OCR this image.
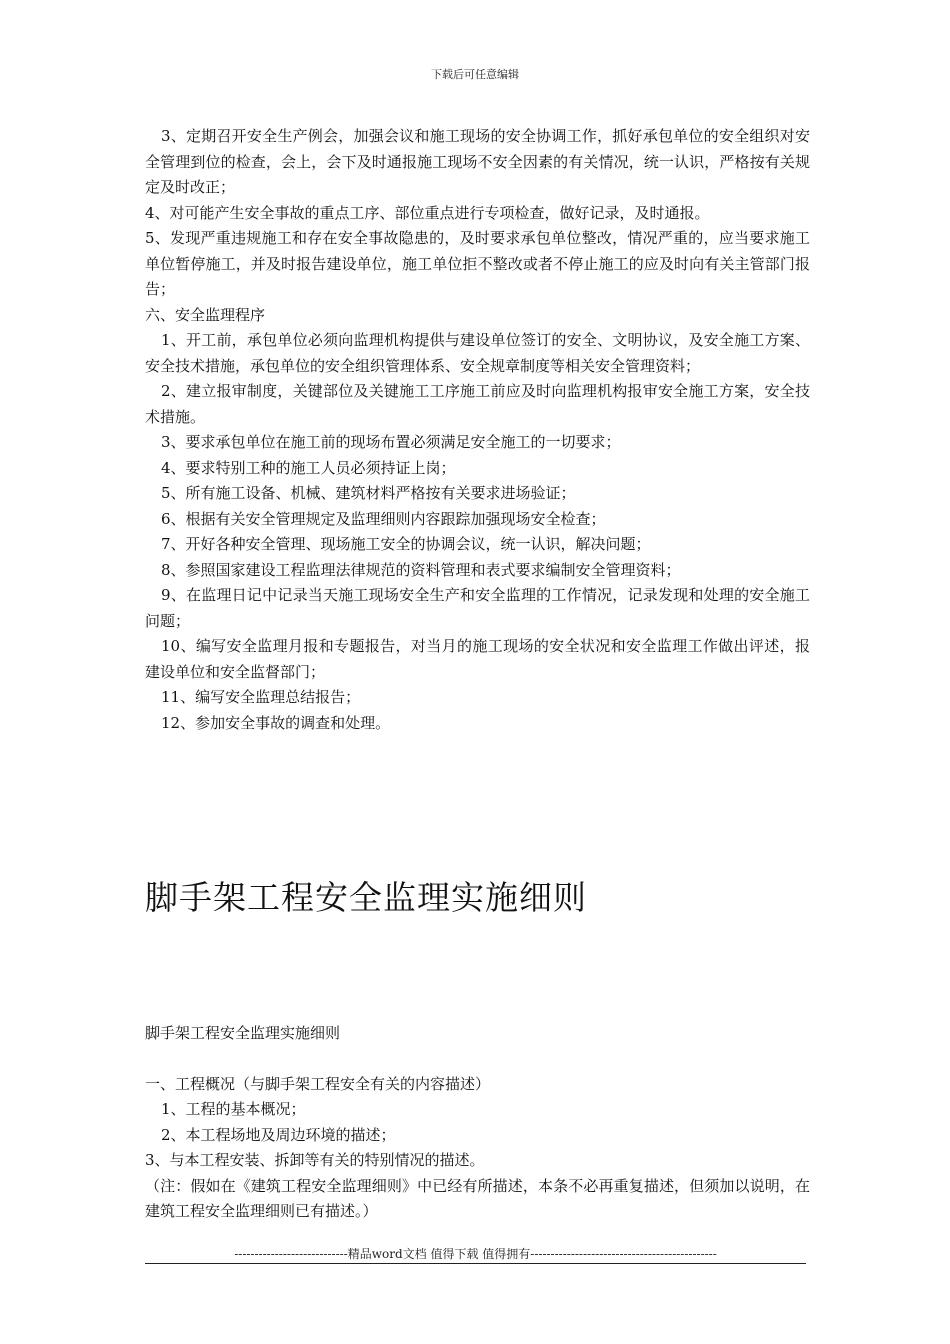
下载后可任意编辑

3、定期召开安全生产例会，加强会议和施工现场的安全协调工作，抓好承包单位的安全组织对安全管理到位的检查，会上，会下及时通报施工现场不安全因素的有关情况，统一认识，严格按有关规定及时改正；

4、对可能产生安全事故的重点工序、部位重点进行专项检查，做好记录，及时通报。

5、发现严重违规施工和存在安全事故隐患的，及时要求承包单位整改，情况严重的，应当要求施工单位暂停施工，并及时报告建设单位，施工单位拒不整改或者不停止施工的应及时向有关主管部门报告；

六、安全监理程序

1、开工前，承包单位必须向监理机构提供与建设单位签订的安全、文明协议，及安全施工方案、安全技术措施，承包单位的安全组织管理体系、安全规章制度等相关安全管理资料；

2、建立报审制度，关键部位及关键施工工序施工前应及时向监理机构报审安全施工方案，安全技术措施。

3、要求承包单位在施工前的现场布置必须满足安全施工的一切要求；

4、要求特别工种的施工人员必须持证上岗；

5、所有施工设备、机械、建筑材料严格按有关要求进场验证；

6、根据有关安全管理规定及监理细则内容跟踪加强现场安全检查；

7、开好各种安全管理、现场施工安全的协调会议，统一认识，解决问题；

8、参照国家建设工程监理法律规范的资料管理和表式要求编制安全管理资料；

9、在监理日记中记录当天施工现场安全生产和安全监理的工作情况，记录发现和处理的安全施工问题；

10、编写安全监理月报和专题报告，对当月的施工现场的安全状况和安全监理工作做出评述，报建设单位和安全监督部门；

11、编写安全监理总结报告；

12、参加安全事故的调查和处理。

脚手架工程安全监理实施细则

脚手架工程安全监理实施细则

一、工程概况（与脚手架工程安全有关的内容描述）

1、工程的基本概况；

2、本工程场地及周边环境的描述；

3、与本工程安装、拆卸等有关的特别情况的描述。

（注：假如在《建筑工程安全监理细则》中已经有所描述，本条不必再重复描述，但须加以说明，在建筑工程安全监理细则已有描述。）

----------------------------精品word文档 值得下载 值得拥有----------------------------------------------
